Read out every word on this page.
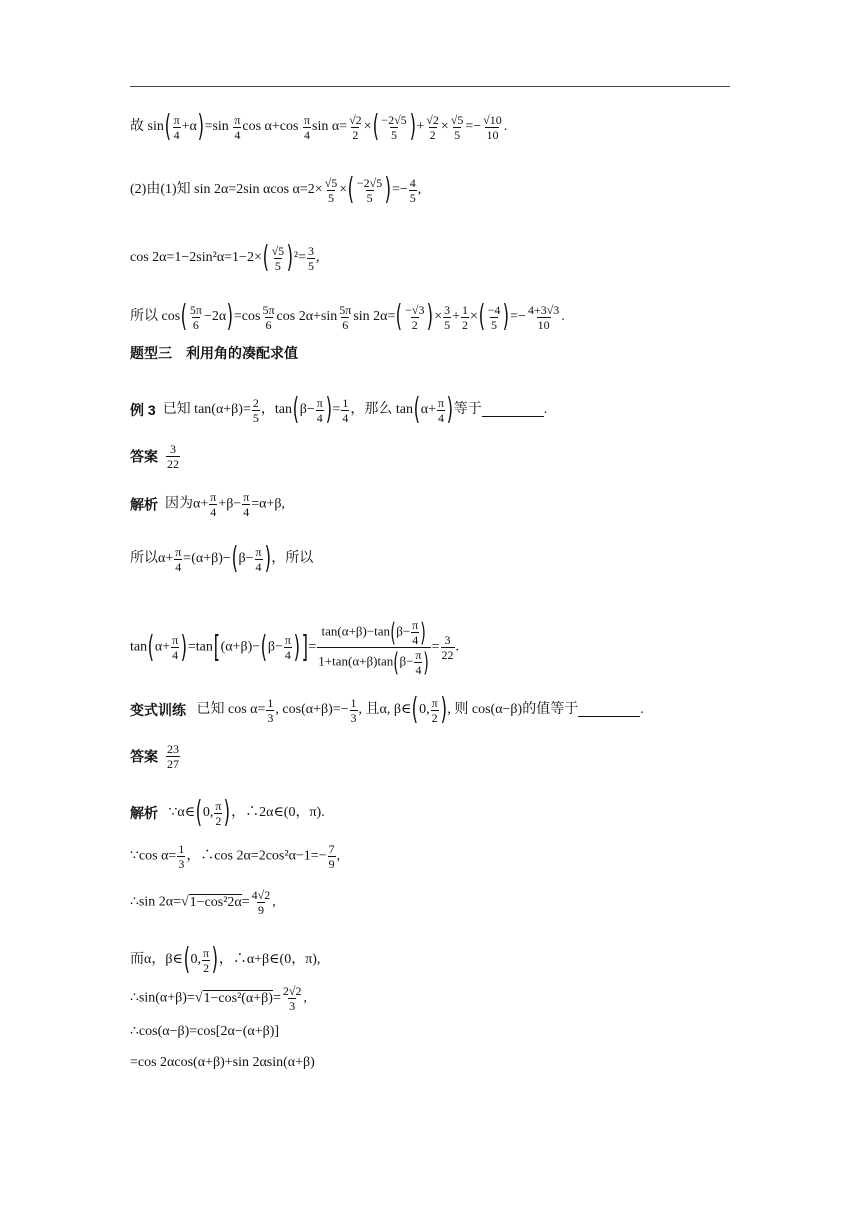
故 $\sin( \frac{\pi}{4} +\alpha)=\sin \frac{\pi}{4}$ $\cos \alpha+\cos \frac{\pi}{4}$ $\sin \alpha= \frac{√2}{2}$ ×( $\frac{-2√5}{5}$ )+ $\frac{√2}{2} \times \frac{√5}{5} =- \frac{√10}{10}$ .
(2)由(1)知 sin 2α=2sin αcos $\alpha=2\times \frac{√5}{5}$ ×( $\frac{-2√5}{5}$ )=− $\frac{4}{5}$ ,
$\cos 2\alpha=1-2\sin^2\alpha=1-2\times( \frac{√5}{5} )^2= \frac{3}{5}$ ,
所以 $\cos( \frac{5\pi}{6} -2\alpha)=\cos \frac{5\pi}{6}$ $\cos 2\alpha+\sin \frac{5\pi}{6}$ $\sin 2\alpha=( \frac{-√3}{2}$ )× $\frac{3}{5} + \frac{1}{2}$ ×( $\frac{-4}{5}$ )=− $\frac{4+3√3}{10}$ .
题型三　利用角的凑配求值
例 3 已知 $\tan(\alpha+\beta)= \frac{2}{5}$ ，$\tan(\beta- \frac{\pi}{4}$ )= $\frac{1}{4}$ ，那么 $\tan(\alpha+ \frac{\pi}{4}$ )等于	.
答案 $\frac{3}{22}$
解析 因为$\alpha+ \frac{\pi}{4} +\beta- \frac{\pi}{4} =\alpha+\beta$,
所以$\alpha+ \frac{\pi}{4} =(\alpha+\beta)-(\beta- \frac{\pi}{4}$ )，所以
$\tan(\alpha+ \frac{\pi}{4} )=\tan[(\alpha+\beta)-(\beta- \frac{\pi}{4}$ )]= $\frac{\tan(\alpha+\beta)-\tan(\beta- \frac{\pi}{4} )}{1+\tan(\alpha+\beta)\tan(\beta- \frac{\pi}{4} )} = \frac{3}{22}$ .
变式训练 已知 $\cos \alpha= \frac{1}{3}$ , $\cos(\alpha+\beta)=- \frac{1}{3}$ , 且α, β∈(0, $\frac{\pi}{2}$ ), 则 cos(α−β)的值等于	.
答案 $\frac{23}{27}$
解析 ∵α∈(0, $\frac{\pi}{2}$ )，∴2α∈(0，π).
∵cos $\alpha= \frac{1}{3}$ ，∴cos $2\alpha=2\cos^2\alpha-1=- \frac{7}{9}$ ,
∴sin $2\alpha=√1-\cos^22\alpha= \frac{4√2}{9}$ ,
而α，β∈(0, $\frac{\pi}{2}$ )，∴α+β∈(0，π),
∴sin(α+β)=√1−cos²(α+β)= $\frac{2√2}{3}$ ,
∴cos(α−β)=cos[2α−(α+β)]
=cos 2αcos(α+β)+sin 2αsin(α+β)
